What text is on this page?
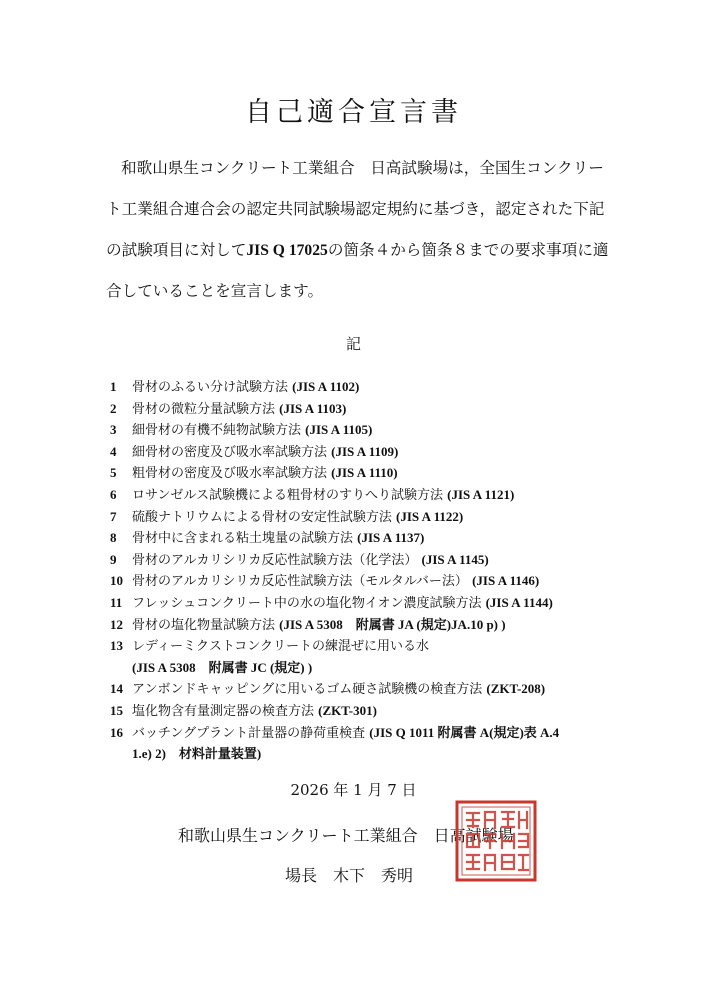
自己適合宣言書

和歌山県生コンクリート工業組合　日高試験場は，全国生コンクリート工業組合連合会の認定共同試験場認定規約に基づき，認定された下記の試験項目に対してJIS Q 17025の箇条４から箇条８までの要求事項に適合していることを宣言します。

記

1	骨材のふるい分け試験方法 (JIS A 1102)
2	骨材の微粒分量試験方法 (JIS A 1103)
3	細骨材の有機不純物試験方法 (JIS A 1105)
4	細骨材の密度及び吸水率試験方法 (JIS A 1109)
5	粗骨材の密度及び吸水率試験方法 (JIS A 1110)
6	ロサンゼルス試験機による粗骨材のすりへり試験方法 (JIS A 1121)
7	硫酸ナトリウムによる骨材の安定性試験方法 (JIS A 1122)
8	骨材中に含まれる粘土塊量の試験方法 (JIS A 1137)
9	骨材のアルカリシリカ反応性試験方法（化学法） (JIS A 1145)
10 骨材のアルカリシリカ反応性試験方法（モルタルバー法） (JIS A 1146)
11 フレッシュコンクリート中の水の塩化物イオン濃度試験方法 (JIS A 1144)
12 骨材の塩化物量試験方法 (JIS A 5308　附属書 JA (規定)JA.10 p) )
13 レディーミクストコンクリートの練混ぜに用いる水
(JIS A 5308　附属書 JC (規定) )
14 アンボンドキャッピングに用いるゴム硬さ試験機の検査方法 (ZKT-208)
15 塩化物含有量測定器の検査方法 (ZKT-301)
16 バッチングプラント計量器の静荷重検査 (JIS Q 1011 附属書 A(規定)表 A.4
1.e) 2)　材料計量装置)

2026 年 1 月 7 日

和歌山県生コンクリート工業組合　日高試験場

場長　木下　秀明
